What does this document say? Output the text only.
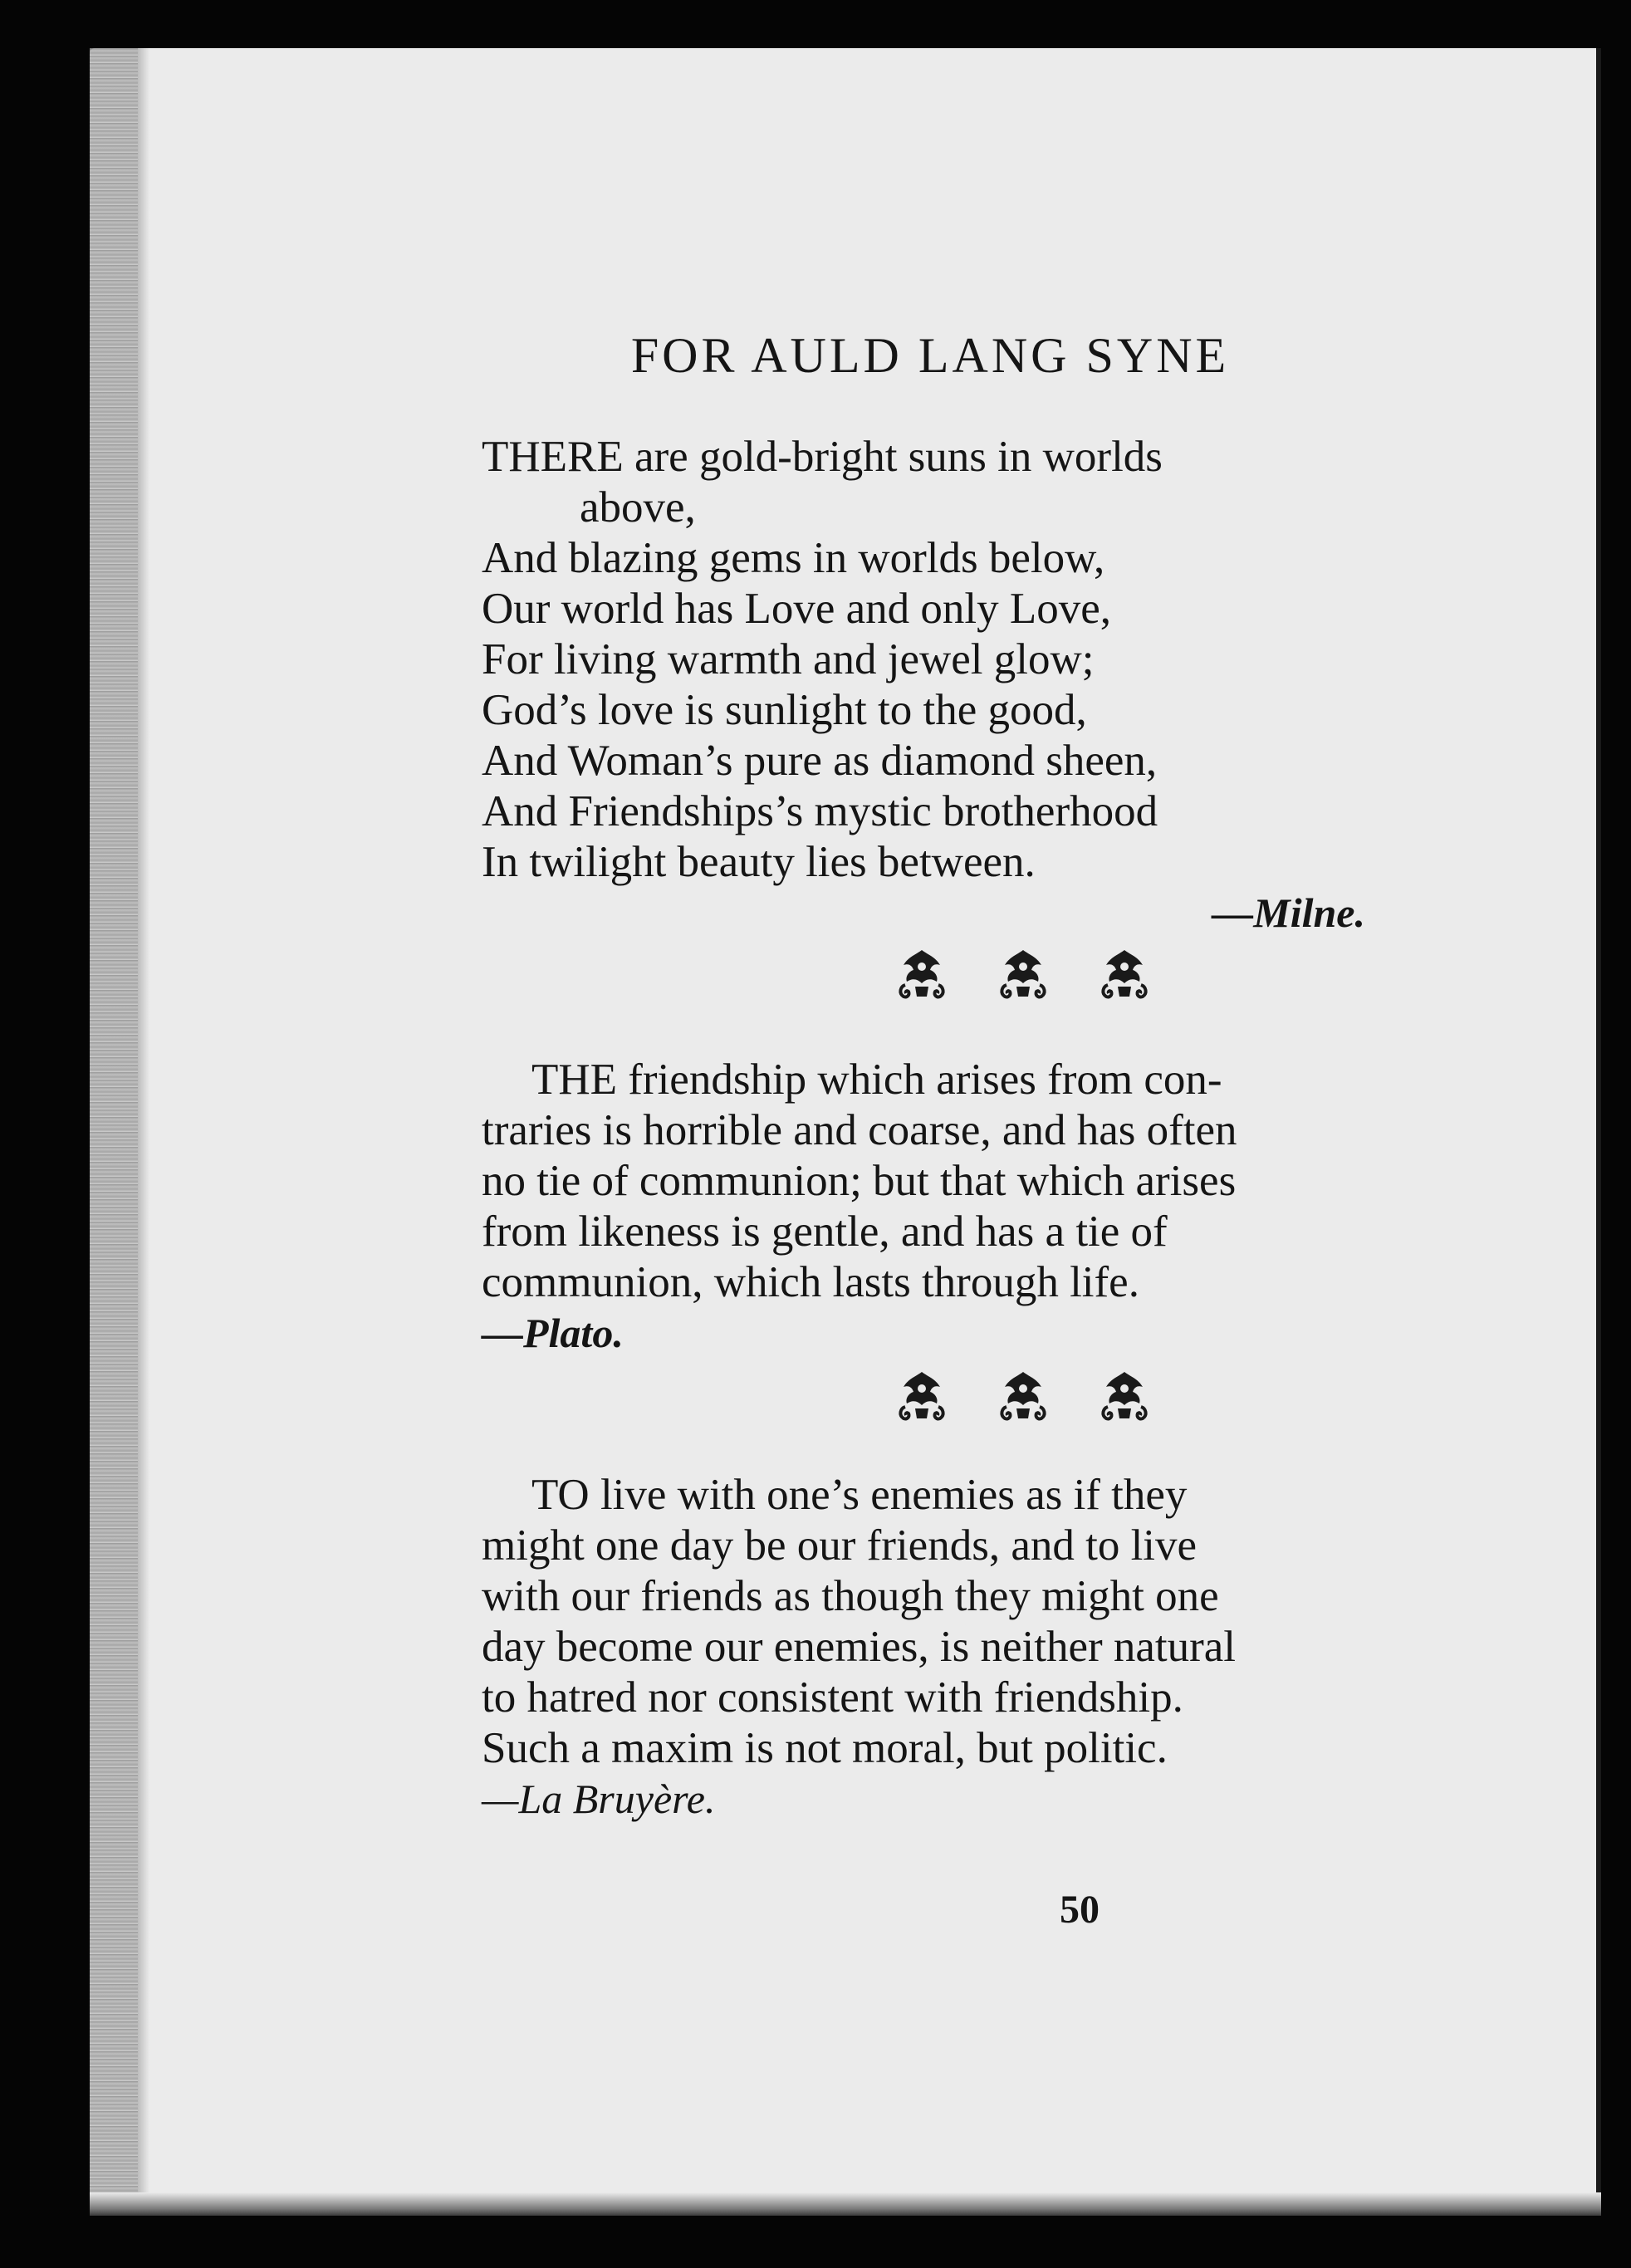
FOR AULD LANG SYNE
THERE are gold-bright suns in worlds
above,
And blazing gems in worlds below,
Our world has Love and only Love,
For living warmth and jewel glow;
God’s love is sunlight to the good,
And Woman’s pure as diamond sheen,
And Friendships’s mystic brotherhood
In twilight beauty lies between.
—Milne.
THE friendship which arises from con-
traries is horrible and coarse, and has often
no tie of communion; but that which arises
from likeness is gentle, and has a tie of
communion, which lasts through life.
—Plato.
TO live with one’s enemies as if they
might one day be our friends, and to live
with our friends as though they might one
day become our enemies, is neither natural
to hatred nor consistent with friendship.
Such a maxim is not moral, but politic.
—La Bruyère.
50
